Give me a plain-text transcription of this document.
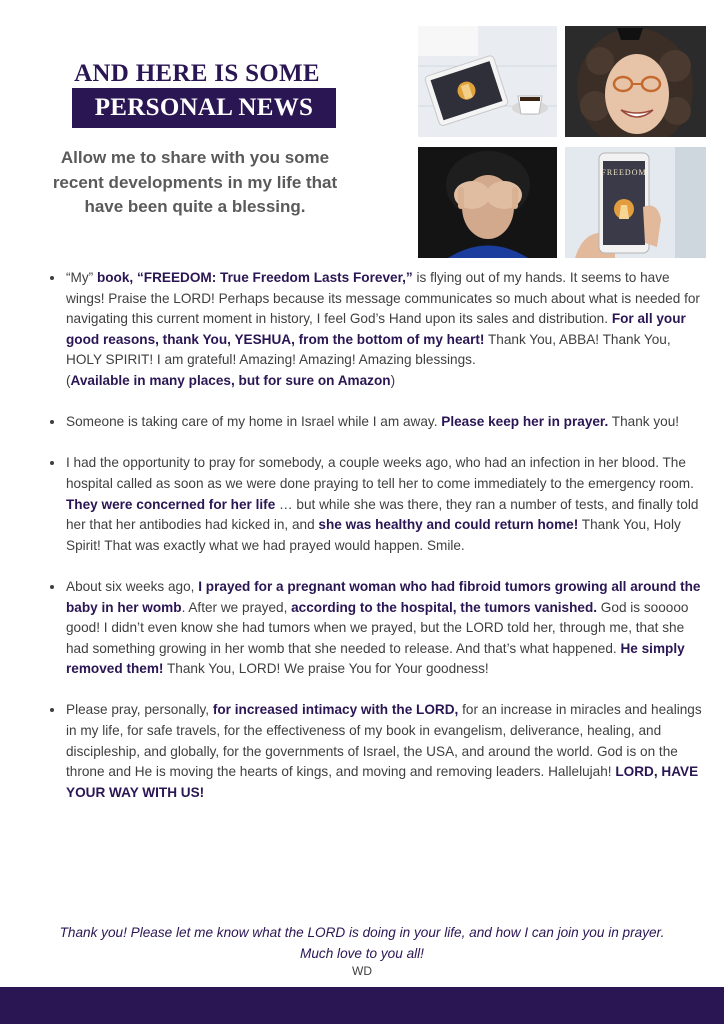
AND HERE IS SOME
PERSONAL NEWS
Allow me to share with you some recent developments in my life that have been quite a blessing.
FREEDOM
• “My” book, “FREEDOM: True Freedom Lasts Forever,” is flying out of my hands. It seems to have wings! Praise the LORD! Perhaps because its message communicates so much about what is needed for navigating this current moment in history, I feel God’s Hand upon its sales and distribution. For all your good reasons, thank You, YESHUA, from the bottom of my heart! Thank You, ABBA! Thank You, HOLY SPIRIT! I am grateful! Amazing! Amazing! Amazing blessings.
(Available in many places, but for sure on Amazon)
• Someone is taking care of my home in Israel while I am away. Please keep her in prayer. Thank you!
• I had the opportunity to pray for somebody, a couple weeks ago, who had an infection in her blood. The hospital called as soon as we were done praying to tell her to come immediately to the emergency room. They were concerned for her life … but while she was there, they ran a number of tests, and finally told her that her antibodies had kicked in, and she was healthy and could return home! Thank You, Holy Spirit! That was exactly what we had prayed would happen. Smile.
• About six weeks ago, I prayed for a pregnant woman who had fibroid tumors growing all around the baby in her womb. After we prayed, according to the hospital, the tumors vanished. God is sooooo good! I didn’t even know she had tumors when we prayed, but the LORD told her, through me, that she had something growing in her womb that she needed to release. And that’s what happened. He simply removed them! Thank You, LORD! We praise You for Your goodness!
• Please pray, personally, for increased intimacy with the LORD, for an increase in miracles and healings in my life, for safe travels, for the effectiveness of my book in evangelism, deliverance, healing, and discipleship, and globally, for the governments of Israel, the USA, and around the world. God is on the throne and He is moving the hearts of kings, and moving and removing leaders. Hallelujah! LORD, HAVE YOUR WAY WITH US!
Thank you! Please let me know what the LORD is doing in your life, and how I can join you in prayer.
Much love to you all!
WD
